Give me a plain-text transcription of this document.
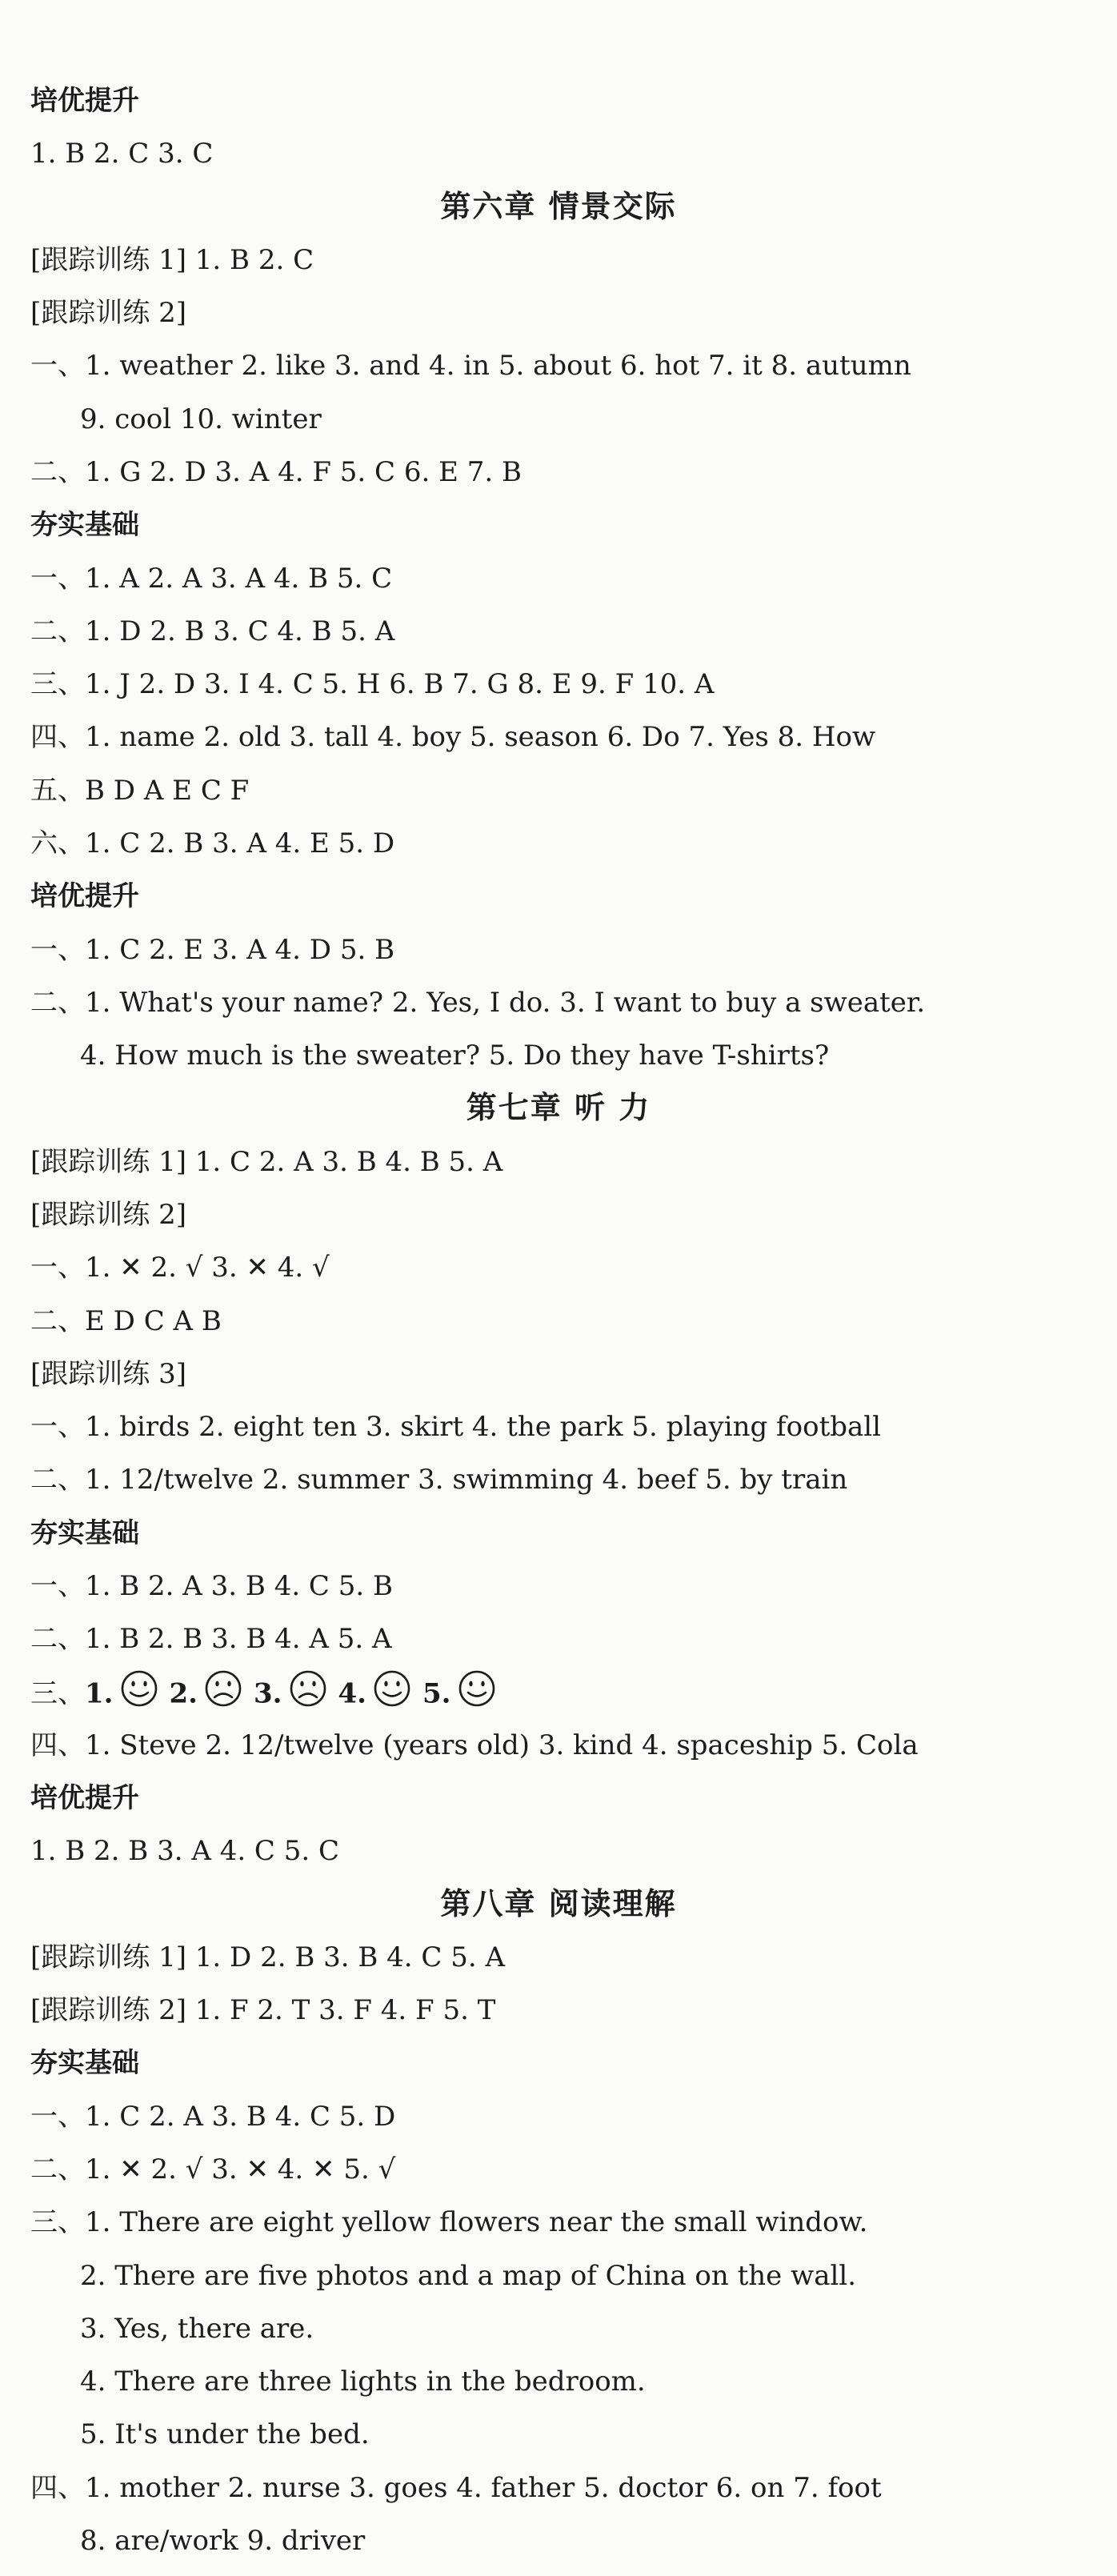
培优提升
1. B 2. C 3. C
第六章 情景交际
[跟踪训练 1] 1. B 2. C
[跟踪训练 2]
一、1. weather 2. like 3. and 4. in 5. about 6. hot 7. it 8. autumn
9. cool 10. winter
二、1. G 2. D 3. A 4. F 5. C 6. E 7. B
夯实基础
一、1. A 2. A 3. A 4. B 5. C
二、1. D 2. B 3. C 4. B 5. A
三、1. J 2. D 3. I 4. C 5. H 6. B 7. G 8. E 9. F 10. A
四、1. name 2. old 3. tall 4. boy 5. season 6. Do 7. Yes 8. How
五、B D A E C F
六、1. C 2. B 3. A 4. E 5. D
培优提升
一、1. C 2. E 3. A 4. D 5. B
二、1. What's your name? 2. Yes, I do. 3. I want to buy a sweater.
4. How much is the sweater? 5. Do they have T-shirts?
第七章 听 力
[跟踪训练 1] 1. C 2. A 3. B 4. B 5. A
[跟踪训练 2]
一、1. ✕ 2. √ 3. ✕ 4. √
二、E D C A B
[跟踪训练 3]
一、1. birds 2. eight ten 3. skirt 4. the park 5. playing football
二、1. 12/twelve 2. summer 3. swimming 4. beef 5. by train
夯实基础
一、1. B 2. A 3. B 4. C 5. B
二、1. B 2. B 3. B 4. A 5. A
三、1. 2. 3. 4. 5.
四、1. Steve 2. 12/twelve (years old) 3. kind 4. spaceship 5. Cola
培优提升
1. B 2. B 3. A 4. C 5. C
第八章 阅读理解
[跟踪训练 1] 1. D 2. B 3. B 4. C 5. A
[跟踪训练 2] 1. F 2. T 3. F 4. F 5. T
夯实基础
一、1. C 2. A 3. B 4. C 5. D
二、1. ✕ 2. √ 3. ✕ 4. ✕ 5. √
三、1. There are eight yellow flowers near the small window.
2. There are five photos and a map of China on the wall.
3. Yes, there are.
4. There are three lights in the bedroom.
5. It's under the bed.
四、1. mother 2. nurse 3. goes 4. father 5. doctor 6. on 7. foot
8. are/work 9. driver
